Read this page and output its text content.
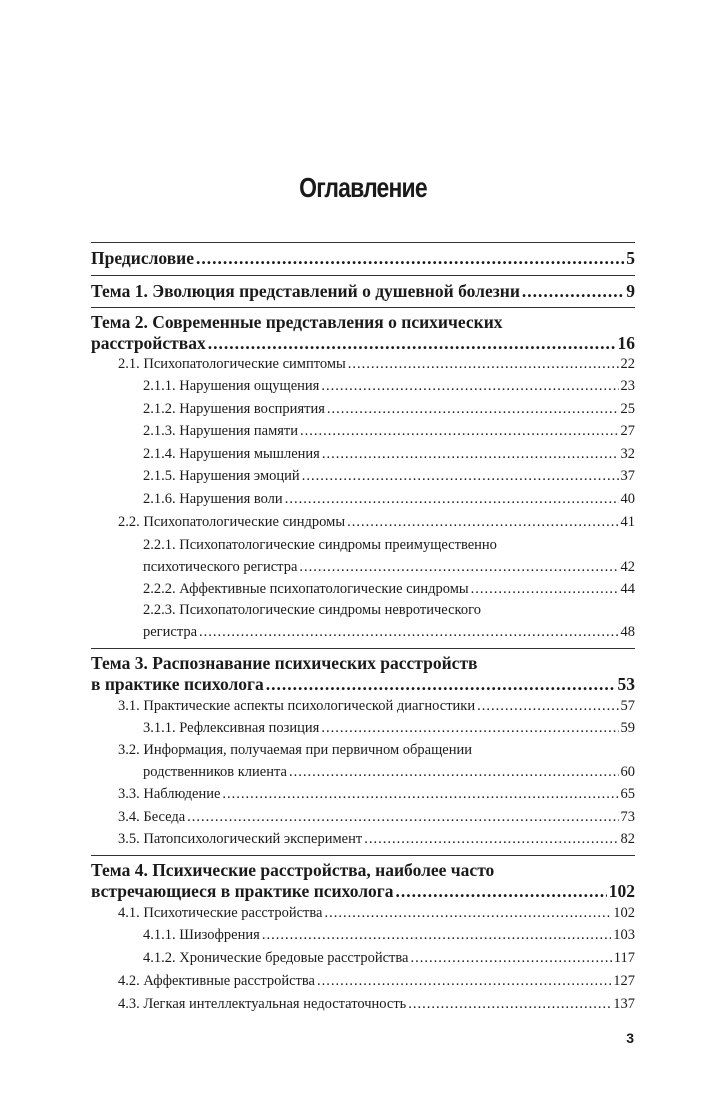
Оглавление
Предисловие .....	5
Тема 1. Эволюция представлений о душевной болезни .....	9
Тема 2. Современные представления о психических
расстройствах .....	16
2.1. Психопатологические симптомы .....	22
2.1.1. Нарушения ощущения .....	23
2.1.2. Нарушения восприятия .....	25
2.1.3. Нарушения памяти .....	27
2.1.4. Нарушения мышления .....	32
2.1.5. Нарушения эмоций .....	37
2.1.6. Нарушения воли .....	40
2.2. Психопатологические синдромы .....	41
2.2.1. Психопатологические синдромы преимущественно
психотического регистра .....	42
2.2.2. Аффективные психопатологические синдромы .....	44
2.2.3. Психопатологические синдромы невротического
регистра .....	48
Тема 3. Распознавание психических расстройств
в практике психолога .....	53
3.1. Практические аспекты психологической диагностики .....	57
3.1.1. Рефлексивная позиция .....	59
3.2. Информация, получаемая при первичном обращении
родственников клиента .....	60
3.3. Наблюдение .....	65
3.4. Беседа .....	73
3.5. Патопсихологический эксперимент .....	82
Тема 4. Психические расстройства, наиболее часто
встречающиеся в практике психолога .....	102
4.1. Психотические расстройства .....	102
4.1.1. Шизофрения .....	103
4.1.2. Хронические бредовые расстройства .....	117
4.2. Аффективные расстройства .....	127
4.3. Легкая интеллектуальная недостаточность .....	137
3
